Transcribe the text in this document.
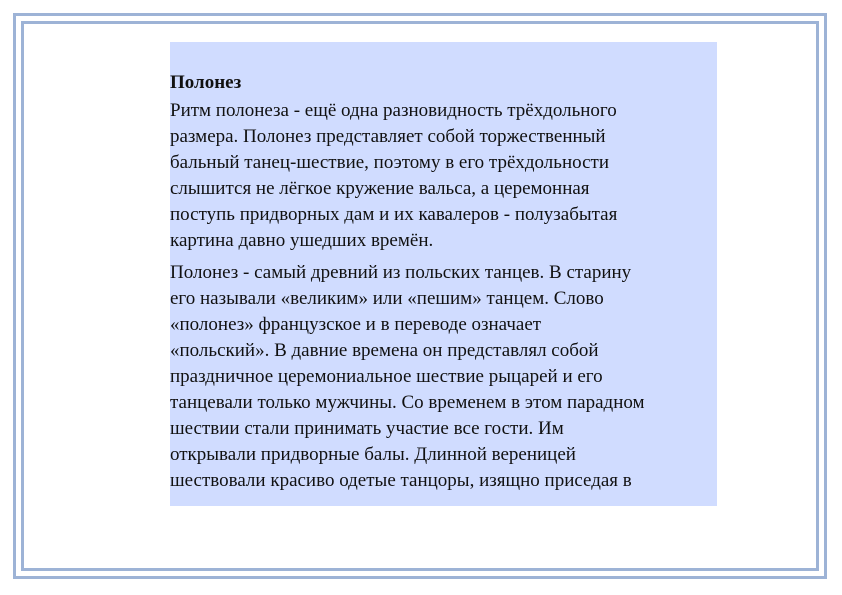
Полонез
Ритм полонеза - ещё одна разновидность трёхдольного
размера. Полонез представляет собой торжественный
бальный танец-шествие, поэтому в его трёхдольности
слышится не лёгкое кружение вальса, а церемонная
поступь придворных дам и их кавалеров - полузабытая
картина давно ушедших времён.
Полонез - самый древний из польских танцев. В старину
его называли «великим» или «пешим» танцем. Слово
«полонез» французское и в переводе означает
«польский». В давние времена он представлял собой
праздничное церемониальное шествие рыцарей и его
танцевали только мужчины. Со временем в этом парадном
шествии стали принимать участие все гости. Им
открывали придворные балы. Длинной вереницей
шествовали красиво одетые танцоры, изящно приседая в
